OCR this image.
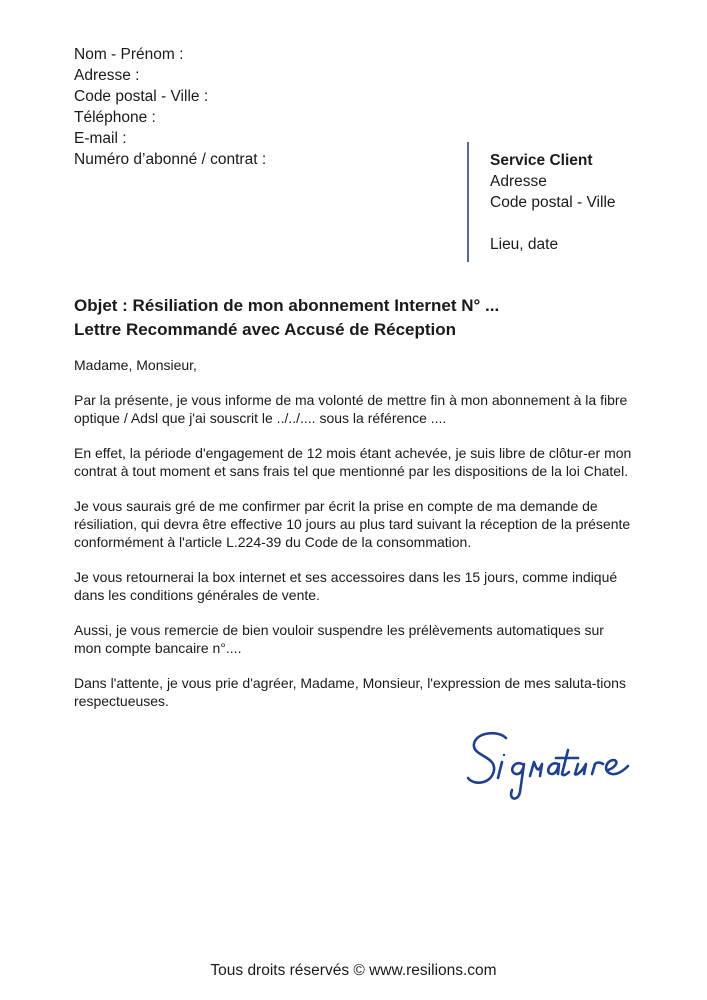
Nom - Prénom :
Adresse :
Code postal - Ville :
Téléphone :
E-mail :
Numéro d’abonné / contrat :	Service Client
Adresse
Code postal - Ville
Lieu, date
Objet : Résiliation de mon abonnement Internet N° ...
Lettre Recommandé avec Accusé de Réception

Madame, Monsieur,

Par la présente, je vous informe de ma volonté de mettre fin à mon abonnement à la fibre optique / Adsl que j'ai souscrit le ../../.... sous la référence ....

En effet, la période d'engagement de 12 mois étant achevée, je suis libre de clôtur-er mon contrat à tout moment et sans frais tel que mentionné par les dispositions de la loi Chatel.

Je vous saurais gré de me confirmer par écrit la prise en compte de ma demande de résiliation, qui devra être effective 10 jours au plus tard suivant la réception de la présente conformément à l'article L.224-39 du Code de la consommation.

Je vous retournerai la box internet et ses accessoires dans les 15 jours, comme indiqué dans les conditions générales de vente.

Aussi, je vous remercie de bien vouloir suspendre les prélèvements automatiques sur mon compte bancaire n°....

Dans l'attente, je vous prie d'agréer, Madame, Monsieur, l'expression de mes saluta-tions respectueuses.

Tous droits réservés © www.resilions.com
